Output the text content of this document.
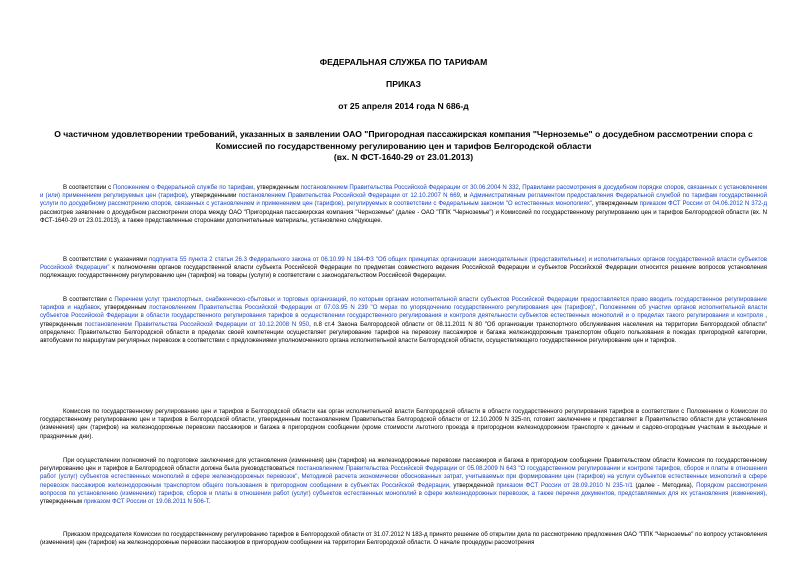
ФЕДЕРАЛЬНАЯ СЛУЖБА ПО ТАРИФАМ
ПРИКАЗ
от 25 апреля 2014 года N 686-д
О частичном удовлетворении требований, указанных в заявлении ОАО "Пригородная пассажирская компания "Черноземье" о досудебном рассмотрении спора с
Комиссией по государственному регулированию цен и тарифов Белгородской области
(вх. N ФСТ-1640-29 от 23.01.2013)

В соответствии с Положением о Федеральной службе по тарифам, утвержденным постановлением Правительства Российской Федерации от 30.06.2004 N 332, Правилами рассмотрения в досудебном порядке споров, связанных с установлением и (или) применением регулируемых цен (тарифов), утвержденными постановлением Правительства Российской Федерации от 12.10.2007 N 669, и Административным регламентом предоставления Федеральной службой по тарифам государственной услуги по досудебному рассмотрению споров, связанных с установлением и применением цен (тарифов), регулируемых в соответствии с Федеральным законом "О естественных монополиях", утвержденным приказом ФСТ России от 04.06.2012 N 372-д рассмотрев заявление о досудебном рассмотрении спора между ОАО "Пригородная пассажирская компания "Черноземье" (далее - ОАО "ППК "Черноземье") и Комиссией по государственному регулированию цен и тарифов Белгородской области (вх. N ФСТ-1640-29 от 23.01.2013), а также представленные сторонами дополнительные материалы, установлено следующее.

В соответствии с указаниями подпункта 55 пункта 2 статьи 26.3 Федерального закона от 06.10.99 N 184-ФЗ "Об общих принципах организации законодательных (представительных) и исполнительных органов государственной власти субъектов Российской Федерации" к полномочиям органов государственной власти субъекта Российской Федерации по предметам совместного ведения Российской Федерации и субъектов Российской Федерации относится решение вопросов установления подлежащих государственному регулированию цен (тарифов) на товары (услуги) в соответствии с законодательством Российской Федерации.

В соответствии с Перечнем услуг транспортных, снабженческо-сбытовых и торговых организаций, по которым органам исполнительной власти субъектов Российской Федерации предоставляется право вводить государственное регулирование тарифов и надбавок, утвержденным постановлением Правительства Российской Федерации от 07.03.95 N 239 "О мерах по упорядочению государственного регулирования цен (тарифов)", Положением об участии органов исполнительной власти субъектов Российской Федерации в области государственного регулирования тарифов в осуществлении государственного регулирования и контроля деятельности субъектов естественных монополий и о пределах такого регулирования и контроля , утвержденным постановлением Правительства Российской Федерации от 10.12.2008 N 950, п.8 ст.4 Закона Белгородской области от 08.11.2011 N 80 "Об организации транспортного обслуживания населения на территории Белгородской области" определено: Правительство Белгородской области в пределах своей компетенции осуществляет регулирование тарифов на перевозку пассажиров и багажа железнодорожным транспортом общего пользования в поездах пригородной категории, автобусами по маршрутам регулярных перевозок в соответствии с предложениями уполномоченного органа исполнительной власти Белгородской области, осуществляющего государственное регулирование цен и тарифов.

Комиссия по государственному регулированию цен и тарифов в Белгородской области как орган исполнительной власти Белгородской области в области государственного регулирования тарифов в соответствии с Положением о Комиссии по государственному регулированию цен и тарифов в Белгородской области, утвержденным постановлением Правительства Белгородской области от 12.10.2009 N 325-пп, готовит заключение и представляет в Правительство области для установления (изменения) цен (тарифов) на железнодорожные перевозки пассажиров и багажа в пригородном сообщении (кроме стоимости льготного проезда в пригородном железнодорожном транспорте к дачным и садово-огородным участкам в выходные и праздничные дни).

При осуществлении полномочий по подготовке заключения для установления (изменения) цен (тарифов) на железнодорожные перевозки пассажиров и багажа в пригородном сообщении Правительством области Комиссия по государственному регулированию цен и тарифов в Белгородской области должна была руководствоваться постановлением Правительства Российской Федерации от 05.08.2009 N 643 "О государственном регулировании и контроле тарифов, сборов и платы в отношении работ (услуг) субъектов естественных монополий в сфере железнодорожных перевозок", Методикой расчета экономически обоснованных затрат, учитываемых при формировании цен (тарифов) на услуги субъектов естественных монополий в сфере перевозок пассажиров железнодорожным транспортом общего пользования в пригородном сообщении в субъектах Российской Федерации, утвержденной приказом ФСТ России от 28.09.2010 N 235-т/1 (далее - Методика), Порядком рассмотрения вопросов по установлению (изменению) тарифов, сборов и платы в отношении работ (услуг) субъектов естественных монополий в сфере железнодорожных перевозок, а также перечня документов, представляемых для их установления (изменения), утвержденным приказом ФСТ России от 19.08.2011 N 506-Т.

Приказом председателя Комиссии по государственному регулированию тарифов в Белгородской области от 31.07.2012 N 183-д принято решение об открытии дела по рассмотрению предложения ОАО "ППК "Черноземье" по вопросу установления (изменения) цен (тарифов) на железнодорожные перевозки пассажиров в пригородном сообщении на территории Белгородской области. О начале процедуры рассмотрения
